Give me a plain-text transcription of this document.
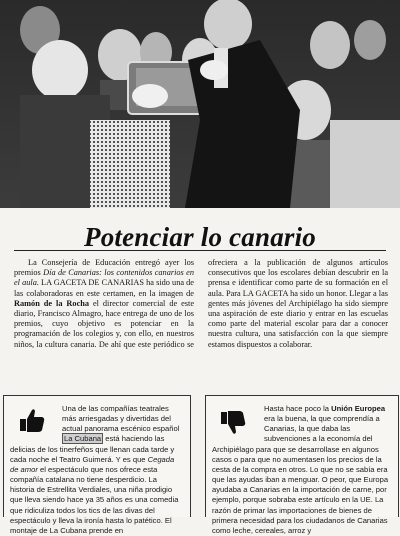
Potenciar lo canario

La Consejería de Educación entregó ayer los premios Día de Canarias: los contenidos canarios en el aula. LA GACETA DE CANARIAS ha sido una de las colaboradoras en este certamen, en la imagen de Ramón de la Rocha el director comercial de este diario, Francisco Almagro, hace entrega de uno de los premios, cuyo objetivo es potenciar en la programación de los colegios y, con ello, en nuestros niños, la cultura canaria. De ahí que este periódico se ofreciera a la publicación de algunos artículos consecutivos que los escolares debían descubrir en la prensa e identificar como parte de su formación en el aula. Para LA GACETA ha sido un honor. Llegar a las gentes más jóvenes del Archipiélago ha sido siempre una aspiración de este diario y entrar en las escuelas como parte del material escolar para dar a conocer nuestra cultura, una satisfacción con la que siempre estamos dispuestos a colaborar.

Una de las compañías teatrales más arriesgadas y divertidas del actual panorama escénico español La Cubana está haciendo las delicias de los tinerfeños que llenan cada tarde y cada noche el Teatro Guimerá. Y es que Cegada de amor el espectáculo que nos ofrece esta compañía catalana no tiene desperdicio. La historia de Estrellita Verdiales, una niña prodigio que lleva siendo hace ya 35 años es una comedia que ridiculiza todos los tics de las divas del espectáculo y lleva la ironía hasta lo patético. El montaje de La Cubana prende en
Hasta hace poco la Unión Europea era la buena, la que comprendía a Canarias, la que daba las subvenciones a la economía del Archipiélago para que se desarrollase en algunos casos o para que no aumentasen los precios de la cesta de la compra en otros. Lo que no se sabía era que las ayudas iban a menguar. O peor, que Europa ayudaba a Canarias en la importación de carne, por ejemplo, porque sobraba este artículo en la UE. La razón de primar las importaciones de bienes de primera necesidad para los ciudadanos de Canarias como leche, cereales, arroz y
